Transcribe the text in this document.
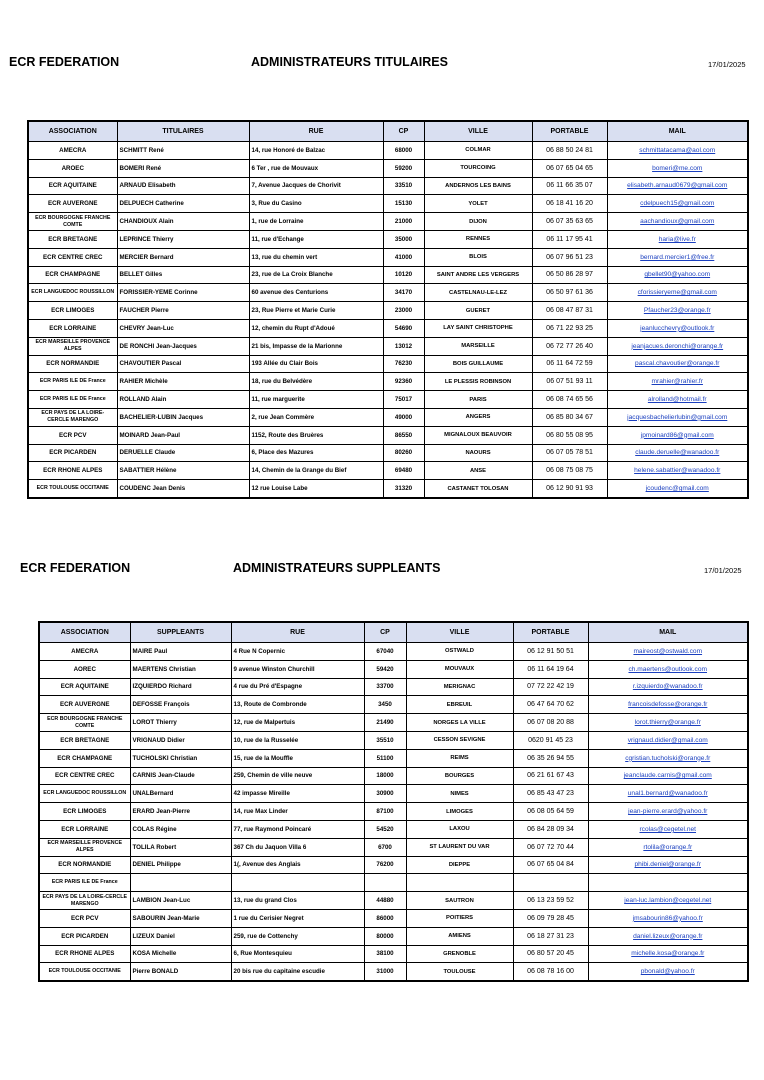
ECR FEDERATION	ADMINISTRATEURS TITULAIRES	17/01/2025
ASSOCIATION	TITULAIRES	RUE	CP	VILLE	PORTABLE	MAIL
AMECRA	SCHMITT René	14, rue Honoré de Balzac	68000	COLMAR	06 88 50 24 81	schmittatacama@aol.com
AROEC	BOMERI René	6 Ter , rue de Mouvaux	59200	TOURCOING	06 07 65 04 65	bomeri@me.com
ECR AQUITAINE	ARNAUD Elisabeth	7, Avenue Jacques de Chorivit	33510	ANDERNOS LES BAINS	06 11 66 35 07	elisabeth.arnaud0679@gmail.com
ECR AUVERGNE	DELPUECH Catherine	3, Rue du Casino	15130	YOLET	06 18 41 16 20	cdelpuech15@gmail.com
ECR BOURGOGNE FRANCHE COMTE	CHANDIOUX Alain	1, rue de Lorraine	21000	DIJON	06 07 35 63 65	aachandioux@gmail.com
ECR BRETAGNE	LEPRINCE Thierry	11, rue d'Echange	35000	RENNES	06 11 17 95 41	haria@live.fr
ECR CENTRE CREC	MERCIER Bernard	13, rue du chemin vert	41000	BLOIS	06 07 96 51 23	bernard.mercier1@free.fr
ECR CHAMPAGNE	BELLET Gilles	23, rue de La Croix Blanche	10120	SAINT ANDRE LES VERGERS	06 50 86 28 97	gbellet90@yahoo.com
ECR LANGUEDOC ROUSSILLON	FORISSIER-YEME Corinne	60 avenue des Centurions	34170	CASTELNAU-LE-LEZ	06 50 97 61 36	cforissieryeme@gmail.com
ECR LIMOGES	FAUCHER Pierre	23, Rue Pierre et Marie Curie	23000	GUERET	06 08 47 87 31	Pfaucher23@orange.fr
ECR LORRAINE	CHEVRY Jean-Luc	12, chemin du Rupt d'Adoué	54690	LAY SAINT CHRISTOPHE	06 71 22 93 25	jeanlucchevry@outlook.fr
ECR MARSEILLE PROVENCE ALPES	DE RONCHI Jean-Jacques	21 bis, Impasse de la Marionne	13012	MARSEILLE	06 72 77 26 40	jeanjacues.deronchi@orange.fr
ECR NORMANDIE	CHAVOUTIER Pascal	193 Allée du Clair Bois	76230	BOIS GUILLAUME	06 11 64 72 59	pascal.chavoutier@orange.fr
ECR PARIS ILE DE France	RAHIER Michèle	18, rue du Belvédère	92360	LE PLESSIS ROBINSON	06 07 51 93 11	mrahier@rahier.fr
ECR PARIS ILE DE France	ROLLAND Alain	11, rue marguerite	75017	PARIS	06 08 74 65 56	alrolland@hotmail.fr
ECR PAYS DE LA LOIRE-CERCLE MARENGO	BACHELIER-LUBIN Jacques	2, rue Jean Commère	49000	ANGERS	06 85 80 34 67	jacquesbachelierlubin@gmail.com
ECR PCV	MOINARD Jean-Paul	1152, Route des Bruères	86550	MIGNALOUX BEAUVOIR	06 80 55 08 95	jpmoinard86@gmail.com
ECR PICARDEN	DERUELLE Claude	6, Place des Mazures	80260	NAOURS	06 07 05 78 51	claude.deruelle@wanadoo.fr
ECR RHONE ALPES	SABATTIER Hélène	14, Chemin de la Grange du Bief	69480	ANSE	06 08 75 08 75	helene.sabattier@wanadoo.fr
ECR TOULOUSE OCCITANIE	COUDENC Jean Denis	12 rue Louise Labe	31320	CASTANET TOLOSAN	06 12 90 91 93	jcoudenc@gmail.com
ECR FEDERATION	ADMINISTRATEURS SUPPLEANTS	17/01/2025
ASSOCIATION	SUPPLEANTS	RUE	CP	VILLE	PORTABLE	MAIL
AMECRA	MAIRE Paul	4 Rue N Copernic	67040	OSTWALD	06 12 91 50 51	maireost@ostwald.com
AOREC	MAERTENS Christian	9 avenue Winston Churchill	59420	MOUVAUX	06 11 64 19 64	ch.maertens@outlook.com
ECR AQUITAINE	IZQUIERDO Richard	4 rue du Pré d'Espagne	33700	MERIGNAC	07 72 22 42 19	r.izquierdo@wanadoo.fr
ECR AUVERGNE	DEFOSSE François	13, Route de Combronde	3450	EBREUIL	06 47 64 70 62	francoisdefosse@orange.fr
ECR BOURGOGNE FRANCHE COMTE	LOROT Thierry	12, rue de Malpertuis	21490	NORGES LA VILLE	06 07 08 20 88	lorot.thierry@orange.fr
ECR BRETAGNE	VRIGNAUD Didier	10, rue de la Russelée	35510	CESSON SEVIGNE	0620 91 45 23	vrignaud.didier@gmail.com
ECR CHAMPAGNE	TUCHOLSKI Christian	15, rue de la Mouffle	51100	REIMS	06 35 26 94 55	cgristian.tucholski@orange.fr
ECR CENTRE CREC	CARNIS Jean-Claude	259, Chemin de ville neuve	18000	BOURGES	06 21 61 67 43	jeanclaude.carnis@gmail.com
ECR LANGUEDOC ROUSSILLON	UNALBernard	42 impasse Mireille	30900	NIMES	06 85 43 47 23	unal1.bernard@wanadoo.fr
ECR LIMOGES	ERARD Jean-Pierre	14, rue Max Linder	87100	LIMOGES	06 08 05 64 59	jean-pierre.erard@yahoo.fr
ECR LORRAINE	COLAS Régine	77, rue Raymond Poincaré	54520	LAXOU	06 84 28 09 34	rcolas@cegetel.net
ECR MARSEILLE PROVENCE ALPES	TOLILA Robert	367 Ch du Jaquon Villa 6	6700	ST LAURENT DU VAR	06 07 72 70 44	rtolila@orange.fr
ECR NORMANDIE	DENIEL Philippe	1(, Avenue des Anglais	76200	DIEPPE	06 07 65 04 84	phibi.deniel@orange.fr
ECR PARIS ILE DE France						
ECR PAYS DE LA LOIRE-CERCLE MARENGO	LAMBION Jean-Luc	13, rue du grand Clos	44880	SAUTRON	06 13 23 59 52	jean-luc.lambion@cegetel.net
ECR PCV	SABOURIN Jean-Marie	1 rue du Cerisier Negret	86000	POITIERS	06 09 79 28 45	jmsabourin86@yahoo.fr
ECR PICARDEN	LIZEUX Daniel	259, rue de Cottenchy	80000	AMIENS	06 18 27 31 23	daniel.lizeux@orange.fr
ECR RHONE ALPES	KOSA Michelle	6, Rue Montesquieu	38100	GRENOBLE	06 80 57 20 45	michelle.kosa@orange.fr
ECR TOULOUSE OCCITANIE	Pierre BONALD	20 bis rue du capitaine escudie	31000	TOULOUSE	06 08 78 16 00	pbonald@yahoo.fr
